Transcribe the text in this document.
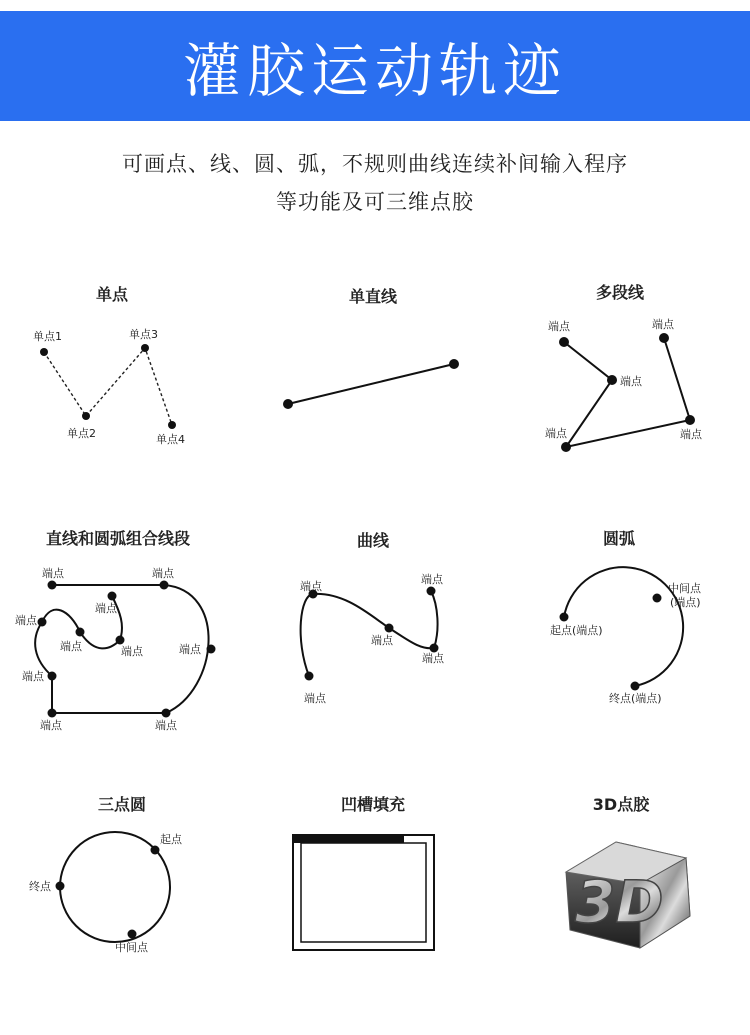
灌胶运动轨迹
可画点、线、圆、弧，不规则曲线连续补间输入程序
等功能及可三维点胶
单点	单直线	多段线
直线和圆弧组合线段	曲线	圆弧
三点圆	凹槽填充	3D点胶
单点1	单点3
单点2	单点4
端点	端点
端点
端点	端点
端点	端点
端点
端点
端点	端点	端点
端点
端点	端点
端点
端点
端点
端点
端点
中间点
(端点)
起点(端点)
终点(端点)
起点
终点
中间点
3D
